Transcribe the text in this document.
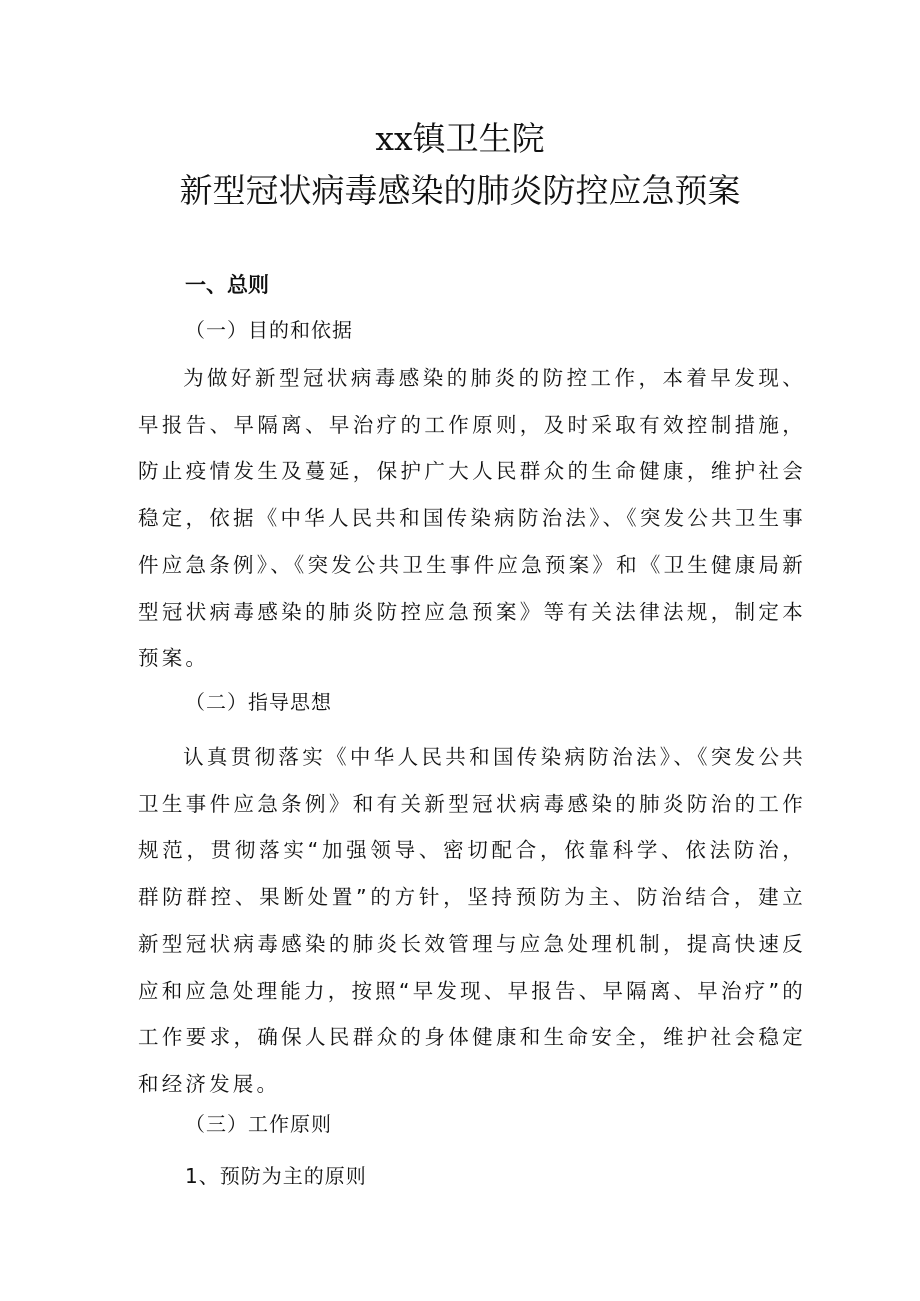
xx镇卫生院
新型冠状病毒感染的肺炎防控应急预案
一、总则
（一）目的和依据

为做好新型冠状病毒感染的肺炎的防控工作，本着早发现、早报告、早隔离、早治疗的工作原则，及时采取有效控制措施，防止疫情发生及蔓延，保护广大人民群众的生命健康，维护社会稳定，依据《中华人民共和国传染病防治法》、《突发公共卫生事件应急条例》、《突发公共卫生事件应急预案》和《卫生健康局新型冠状病毒感染的肺炎防控应急预案》等有关法律法规，制定本预案。

（二）指导思想

认真贯彻落实《中华人民共和国传染病防治法》、《突发公共卫生事件应急条例》和有关新型冠状病毒感染的肺炎防治的工作规范，贯彻落实“加强领导、密切配合，依靠科学、依法防治，群防群控、果断处置”的方针，坚持预防为主、防治结合，建立新型冠状病毒感染的肺炎长效管理与应急处理机制，提高快速反应和应急处理能力，按照“早发现、早报告、早隔离、早治疗”的工作要求，确保人民群众的身体健康和生命安全，维护社会稳定和经济发展。

（三）工作原则
1、预防为主的原则
